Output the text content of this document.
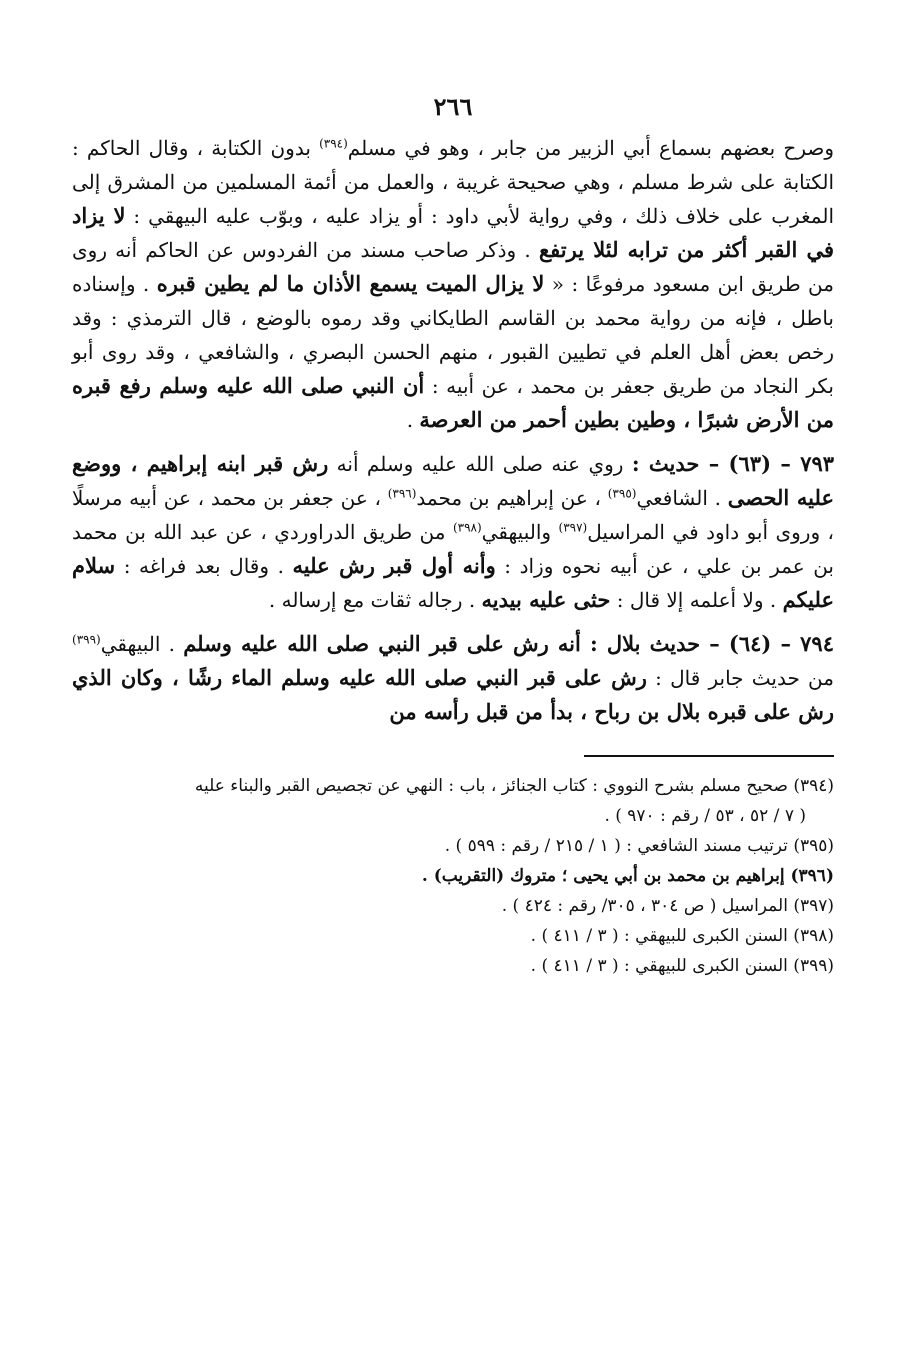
٢٦٦

وصرح بعضهم بسماع أبي الزبير من جابر ، وهو في مسلم$^{(٣٩٤)}$ بدون الكتابة ، وقال الحاكم : الكتابة على شرط مسلم ، وهي صحيحة غريبة ، والعمل من أئمة المسلمين من المشرق إلى المغرب على خلاف ذلك ، وفي رواية لأبي داود : أو يزاد عليه ، وبوّب عليه البيهقي : لا يزاد في القبر أكثر من ترابه لئلا يرتفع . وذكر صاحب مسند من الفردوس عن الحاكم أنه روى من طريق ابن مسعود مرفوعًا : « لا يزال الميت يسمع الأذان ما لم يطين قبره . وإسناده باطل ، فإنه من رواية محمد بن القاسم الطايكاني وقد رموه بالوضع ، قال الترمذي : وقد رخص بعض أهل العلم في تطيين القبور ، منهم الحسن البصري ، والشافعي ، وقد روى أبو بكر النجاد من طريق جعفر بن محمد ، عن أبيه : أن النبي صلى الله عليه وسلم رفع قبره من الأرض شبرًا ، وطين بطين أحمر من العرصة .

٧٩٣ – (٦٣) – حديث : روي عنه صلى الله عليه وسلم أنه رش قبر ابنه إبراهيم ، ووضع عليه الحصى . الشافعي$^{(٣٩٥)}$ ، عن إبراهيم بن محمد$^{(٣٩٦)}$ ، عن جعفر بن محمد ، عن أبيه مرسلًا ، وروى أبو داود في المراسيل$^{(٣٩٧)}$ والبيهقي$^{(٣٩٨)}$ من طريق الدراوردي ، عن عبد الله بن محمد بن عمر بن علي ، عن أبيه نحوه وزاد : وأنه أول قبر رش عليه . وقال بعد فراغه : سلام عليكم . ولا أعلمه إلا قال : حثى عليه بيديه . رجاله ثقات مع إرساله .

٧٩٤ – (٦٤) – حديث بلال : أنه رش على قبر النبي صلى الله عليه وسلم . البيهقي$^{(٣٩٩)}$ من حديث جابر قال : رش على قبر النبي صلى الله عليه وسلم الماء رشًا ، وكان الذي رش على قبره بلال بن رباح ، بدأ من قبل رأسه من

(٣٩٤) صحيح مسلم بشرح النووي : كتاب الجنائز ، باب : النهي عن تجصيص القبر والبناء عليه
( ٧ / ٥٢ ، ٥٣ / رقم : ٩٧٠ ) .
(٣٩٥) ترتيب مسند الشافعي : ( ١ / ٢١٥ / رقم : ٥٩٩ ) .
(٣٩٦) إبراهيم بن محمد بن أبي يحيى ؛ متروك (التقريب) .
(٣٩٧) المراسيل ( ص ٣٠٤ ، ٣٠٥/ رقم : ٤٢٤ ) .
(٣٩٨) السنن الكبرى للبيهقي : ( ٣ / ٤١١ ) .
(٣٩٩) السنن الكبرى للبيهقي : ( ٣ / ٤١١ ) .
